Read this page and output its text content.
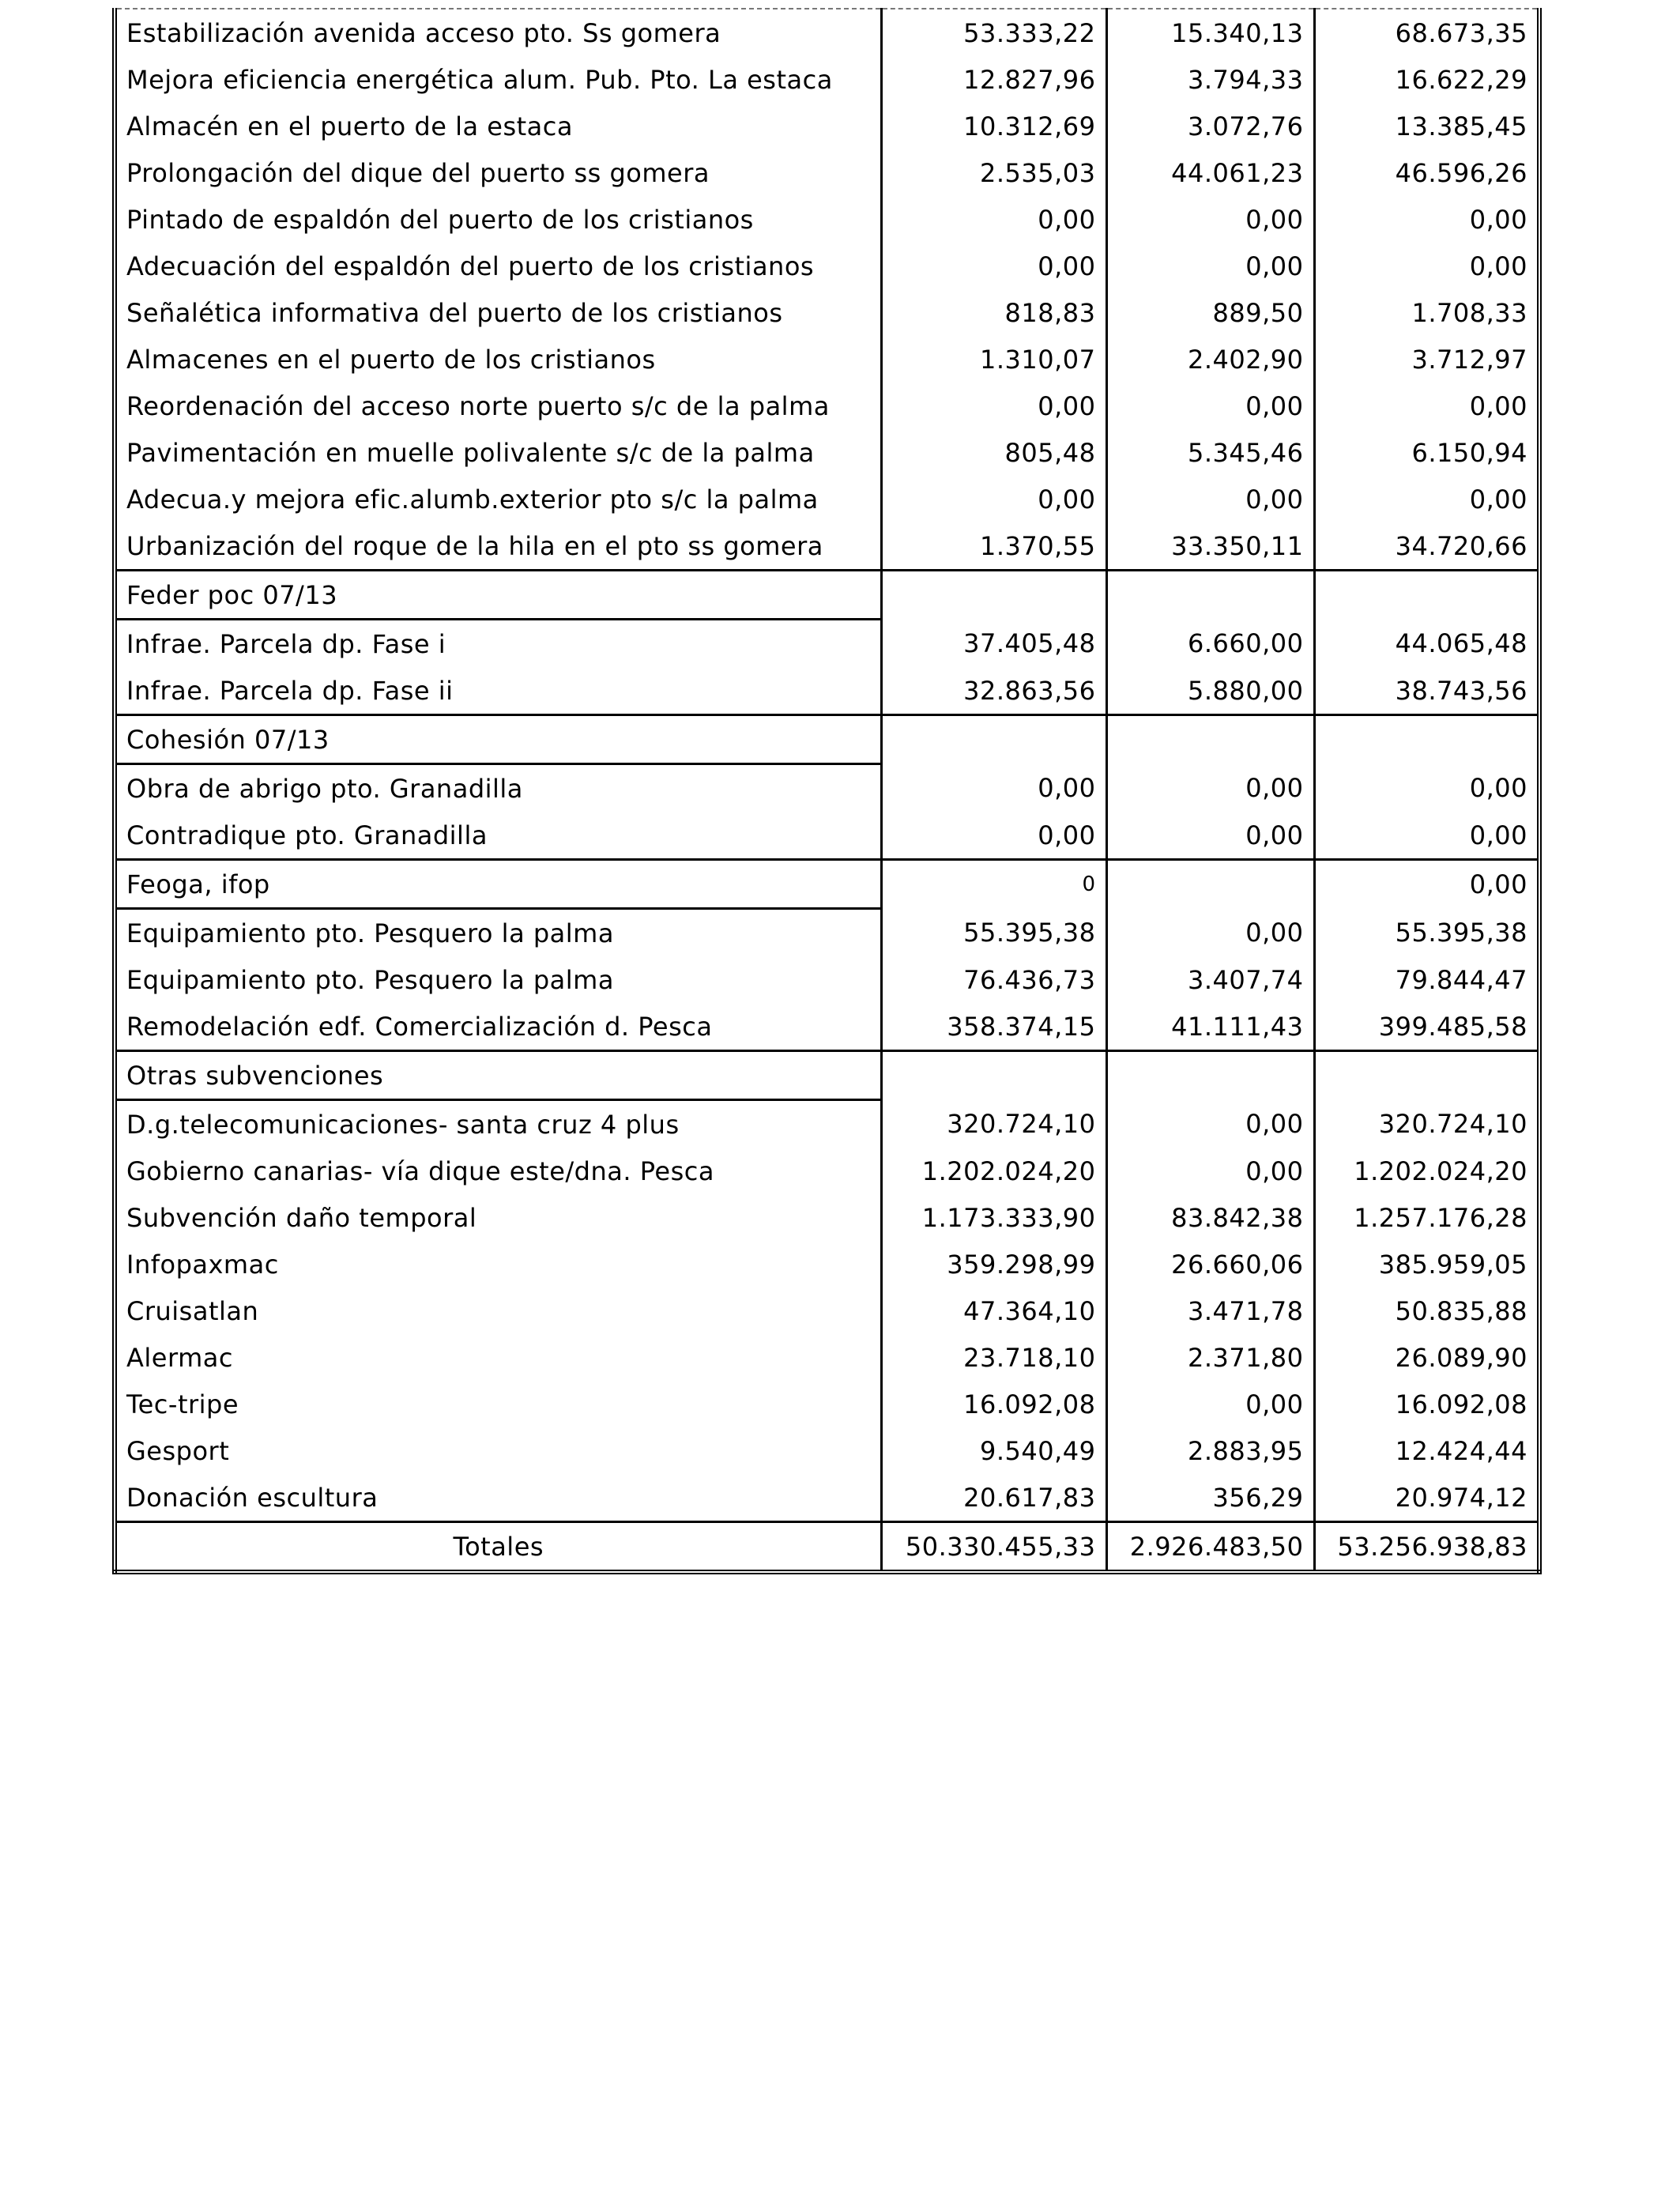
Estabilización avenida acceso pto. Ss gomera	53.333,22	15.340,13	68.673,35
Mejora eficiencia energética alum. Pub. Pto. La estaca	12.827,96	3.794,33	16.622,29
Almacén en el puerto de la estaca	10.312,69	3.072,76	13.385,45
Prolongación del dique del puerto ss gomera	2.535,03	44.061,23	46.596,26
Pintado de espaldón del puerto de los cristianos	0,00	0,00	0,00
Adecuación del espaldón del puerto de los cristianos	0,00	0,00	0,00
Señalética informativa del puerto de los cristianos	818,83	889,50	1.708,33
Almacenes en el puerto de los cristianos	1.310,07	2.402,90	3.712,97
Reordenación del acceso norte puerto s/c de la palma	0,00	0,00	0,00
Pavimentación en muelle polivalente s/c de la palma	805,48	5.345,46	6.150,94
Adecua.y mejora efic.alumb.exterior pto s/c la palma	0,00	0,00	0,00
Urbanización del roque de la hila en el pto ss gomera	1.370,55	33.350,11	34.720,66
Feder poc 07/13			
Infrae. Parcela dp. Fase i	37.405,48	6.660,00	44.065,48
Infrae. Parcela dp. Fase ii	32.863,56	5.880,00	38.743,56
Cohesión 07/13			
Obra de abrigo pto. Granadilla	0,00	0,00	0,00
Contradique pto. Granadilla	0,00	0,00	0,00
Feoga, ifop	0		0,00
Equipamiento pto. Pesquero la palma	55.395,38	0,00	55.395,38
Equipamiento pto. Pesquero la palma	76.436,73	3.407,74	79.844,47
Remodelación edf. Comercialización d. Pesca	358.374,15	41.111,43	399.485,58
Otras subvenciones			
D.g.telecomunicaciones- santa cruz 4 plus	320.724,10	0,00	320.724,10
Gobierno canarias- vía dique este/dna. Pesca	1.202.024,20	0,00	1.202.024,20
Subvención daño temporal	1.173.333,90	83.842,38	1.257.176,28
Infopaxmac	359.298,99	26.660,06	385.959,05
Cruisatlan	47.364,10	3.471,78	50.835,88
Alermac	23.718,10	2.371,80	26.089,90
Tec-tripe	16.092,08	0,00	16.092,08
Gesport	9.540,49	2.883,95	12.424,44
Donación escultura	20.617,83	356,29	20.974,12
Totales	50.330.455,33	2.926.483,50	53.256.938,83
